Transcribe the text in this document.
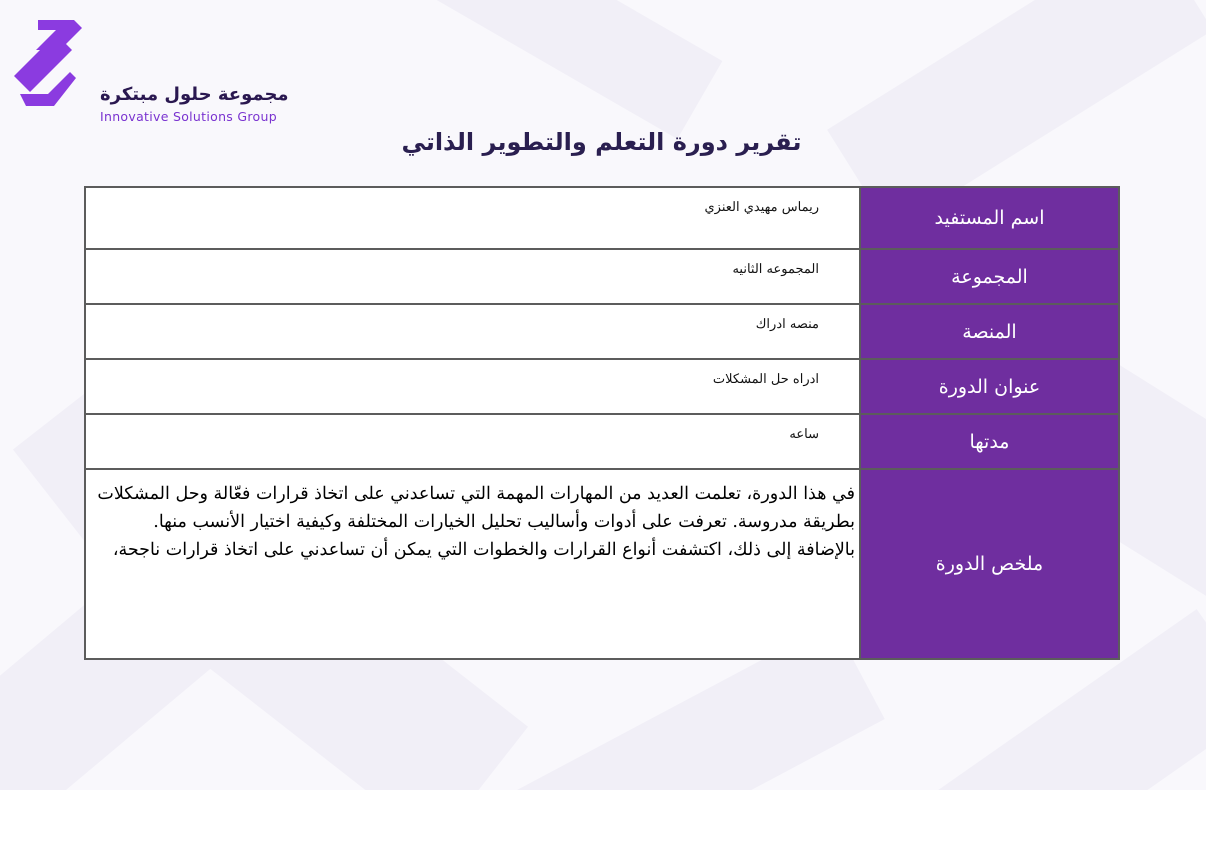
مجموعة حلول مبتكرة
Innovative Solutions Group
تقرير دورة التعلم والتطوير الذاتي
اسم المستفيد	ريماس مهيدي العنزي

المجموعة	المجموعه الثانيه

المنصة	منصه ادراك

عنوان الدورة	ادراه حل المشكلات

مدتها	ساعه

ملخص الدورة	في هذا الدورة، تعلمت العديد من المهارات المهمة التي تساعدني على اتخاذ قرارات فعّالة وحل المشكلات بطريقة مدروسة. تعرفت على أدوات وأساليب تحليل الخيارات المختلفة وكيفية اختيار الأنسب منها. بالإضافة إلى ذلك، اكتشفت أنواع القرارات والخطوات التي يمكن أن تساعدني على اتخاذ قرارات ناجحة،
